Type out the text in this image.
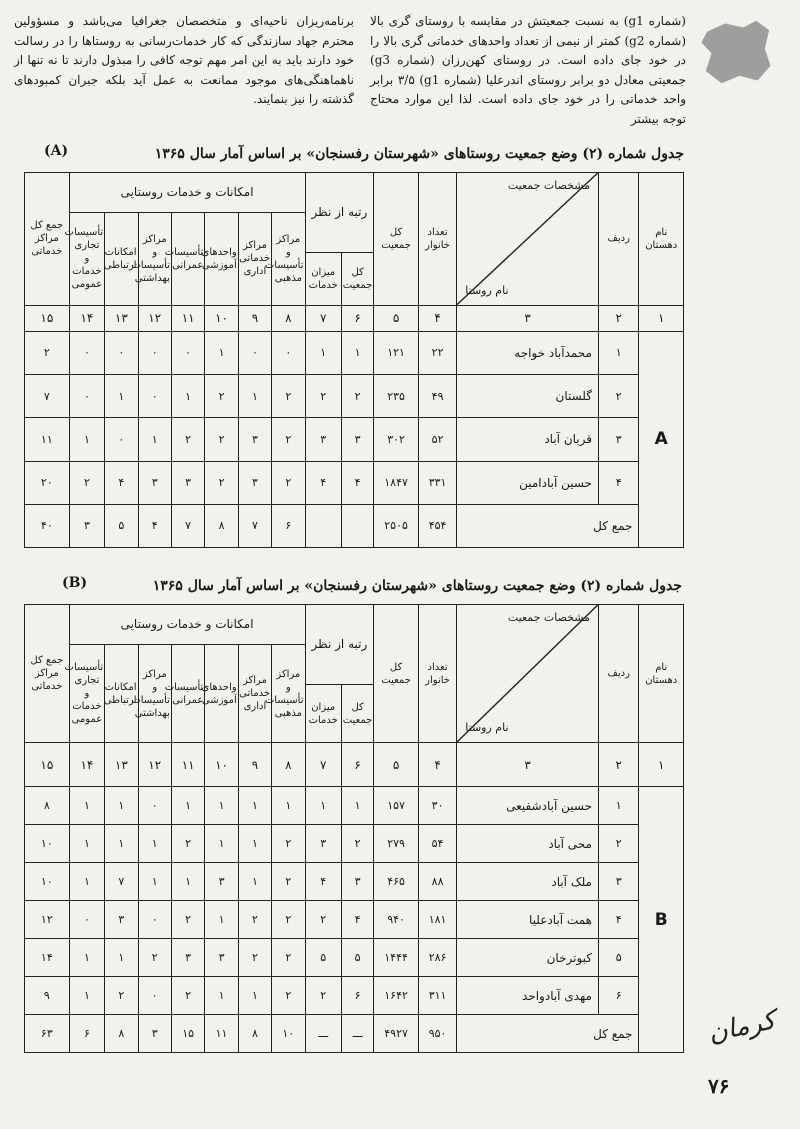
برنامه‌ریزان ناحیه‌ای و متخصصان جغرافیا می‌باشد و مسؤولین محترم جهاد سازندگی که کار خدمات‌رسانی به روستاها را در رسالت خود دارند باید به این امر مهم توجه کافی را مبذول دارند تا نه تنها از ناهماهنگی‌های موجود ممانعت به عمل آید بلکه جبران کمبودهای گذشته را نیز بنمایند.

(شماره g1) به نسبت جمعیتش در مقایسه با روستای گری بالا (شماره g2) کمتر از نیمی از تعداد واحدهای خدماتی گری بالا را در خود جای داده است. در روستای کهن‌رزان (شماره g3) جمعیتی معادل دو برابر روستای اندرعلیا (شماره g1) ۳/۵ برابر واحد خدماتی را در خود جای داده است. لذا این موارد محتاج توجه بیشتر

جدول شماره (۲) وضع جمعیت روستاهای «شهرستان رفسنجان» بر اساس آمار سال ۱۳۶۵
(A)
نام دهستان	ردیف	مشخصات جمعیت
نام روستا	تعداد خانوار	کل جمعیت	رتبه از نظر		امکانات و خدمات روستایی							جمع کل مراکز خدماتی
							مراکز و تأسیسات مذهبی	مراکز خدماتی اداری	واحدهای آموزشی	تأسیسات عمرانی	مراکز و تأسیسات بهداشتی	امکانات ارتباطی	تأسیسات تجاری و خدمات عمومی	
					کل جمعیت	میزان خدمات								
۱	۲	۳	۴	۵	۶	۷	۸	۹	۱۰	۱۱	۱۲	۱۳	۱۴	۱۵
A	۱	محمدآباد خواجه	۲۲	۱۲۱	۱	۱	۰	۰	۱	۰	۰	۰	۰	۲
	۲	گلستان	۴۹	۲۳۵	۲	۲	۲	۱	۲	۱	۰	۱	۰	۷
	۳	قربان آباد	۵۲	۳۰۲	۳	۳	۲	۳	۲	۲	۱	۰	۱	۱۱
	۴	حسین آبادامین	۳۳۱	۱۸۴۷	۴	۴	۲	۳	۲	۳	۳	۴	۲	۲۰
	جمع کل		۴۵۴	۲۵۰۵			۶	۷	۸	۷	۴	۵	۳	۴۰
جدول شماره (۲) وضع جمعیت روستاهای «شهرستان رفسنجان» بر اساس آمار سال ۱۳۶۵
(B)
نام دهستان	ردیف	مشخصات جمعیت
نام روستا	تعداد خانوار	کل جمعیت	رتبه از نظر		امکانات و خدمات روستایی							جمع کل مراکز خدماتی
							مراکز و تأسیسات مذهبی	مراکز خدماتی اداری	واحدهای آموزشی	تأسیسات عمرانی	مراکز و تأسیسات بهداشتی	امکانات ارتباطی	تأسیسات تجاری و خدمات عمومی	
					کل جمعیت	میزان خدمات								
۱	۲	۳	۴	۵	۶	۷	۸	۹	۱۰	۱۱	۱۲	۱۳	۱۴	۱۵
B	۱	حسین آبادشفیعی	۳۰	۱۵۷	۱	۱	۱	۱	۱	۱	۰	۱	۱	۸
	۲	محی آباد	۵۴	۲۷۹	۲	۳	۲	۱	۱	۲	۱	۱	۱	۱۰
	۳	ملک آباد	۸۸	۴۶۵	۳	۴	۲	۱	۳	۱	۱	۷	۱	۱۰
	۴	همت آبادعلیا	۱۸۱	۹۴۰	۴	۲	۲	۲	۱	۲	۰	۳	۰	۱۲
	۵	کبوترخان	۲۸۶	۱۴۴۴	۵	۵	۲	۲	۳	۳	۲	۱	۱	۱۴
	۶	مهدی آبادواحد	۳۱۱	۱۶۴۲	۶	۲	۲	۱	۱	۲	۰	۲	۱	۹
	جمع کل		۹۵۰	۴۹۲۷	ـــ	ـــ	۱۰	۸	۱۱	۱۵	۳	۸	۶	۶۳	کرمان
۷۶
